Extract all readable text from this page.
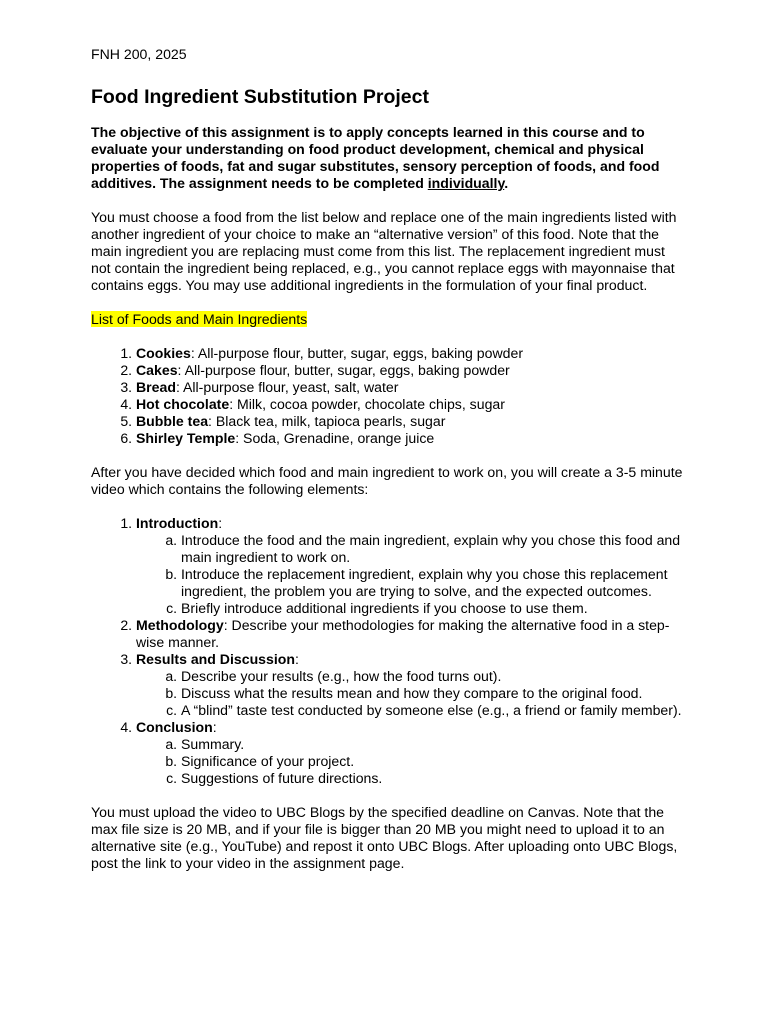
FNH 200, 2025

Food Ingredient Substitution Project

The objective of this assignment is to apply concepts learned in this course and to evaluate your understanding on food product development, chemical and physical properties of foods, fat and sugar substitutes, sensory perception of foods, and food additives. The assignment needs to be completed individually.

You must choose a food from the list below and replace one of the main ingredients listed with another ingredient of your choice to make an “alternative version” of this food. Note that the main ingredient you are replacing must come from this list. The replacement ingredient must not contain the ingredient being replaced, e.g., you cannot replace eggs with mayonnaise that contains eggs. You may use additional ingredients in the formulation of your final product.

List of Foods and Main Ingredients

1. Cookies: All-purpose flour, butter, sugar, eggs, baking powder
2. Cakes: All-purpose flour, butter, sugar, eggs, baking powder
3. Bread: All-purpose flour, yeast, salt, water
4. Hot chocolate: Milk, cocoa powder, chocolate chips, sugar
5. Bubble tea: Black tea, milk, tapioca pearls, sugar
6. Shirley Temple: Soda, Grenadine, orange juice

After you have decided which food and main ingredient to work on, you will create a 3-5 minute video which contains the following elements:

1. Introduction:
a. Introduce the food and the main ingredient, explain why you chose this food and main ingredient to work on.
b. Introduce the replacement ingredient, explain why you chose this replacement ingredient, the problem you are trying to solve, and the expected outcomes.
c. Briefly introduce additional ingredients if you choose to use them.
2. Methodology: Describe your methodologies for making the alternative food in a step-wise manner.
3. Results and Discussion:
a. Describe your results (e.g., how the food turns out).
b. Discuss what the results mean and how they compare to the original food.
c. A “blind” taste test conducted by someone else (e.g., a friend or family member).
4. Conclusion:
a. Summary.
b. Significance of your project.
c. Suggestions of future directions.

You must upload the video to UBC Blogs by the specified deadline on Canvas. Note that the max file size is 20 MB, and if your file is bigger than 20 MB you might need to upload it to an alternative site (e.g., YouTube) and repost it onto UBC Blogs. After uploading onto UBC Blogs, post the link to your video in the assignment page.
